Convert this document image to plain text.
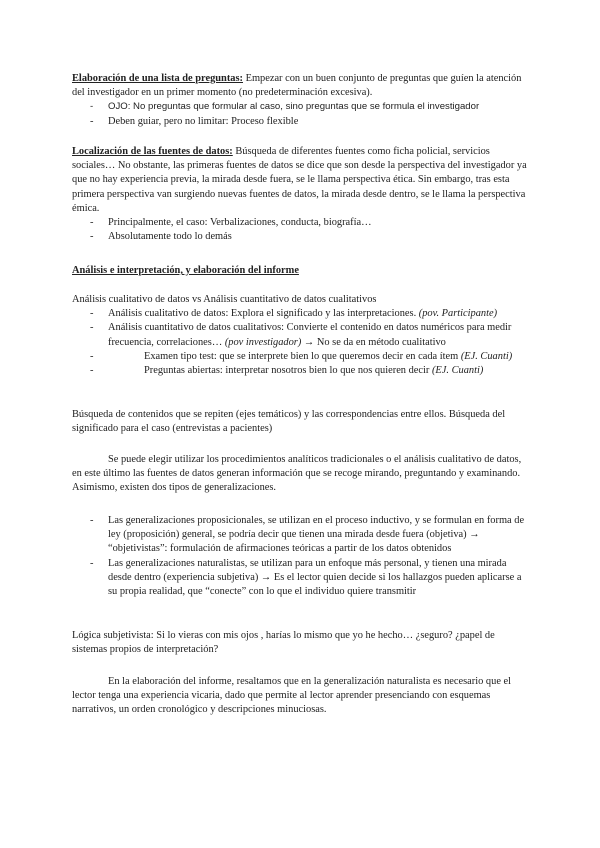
Elaboración de una lista de preguntas: Empezar con un buen conjunto de preguntas que guíen la atención del investigador en un primer momento (no predeterminación excesiva).

- OJO: No preguntas que formular al caso, sino preguntas que se formula el investigador
- Deben guiar, pero no limitar: Proceso flexible

Localización de las fuentes de datos: Búsqueda de diferentes fuentes como ficha policial, servicios sociales… No obstante, las primeras fuentes de datos se dice que son desde la perspectiva del investigador ya que no hay experiencia previa, la mirada desde fuera, se le llama perspectiva ética. Sin embargo, tras esta primera perspectiva van surgiendo nuevas fuentes de datos, la mirada desde dentro, se le llama la perspectiva émica.

- Principalmente, el caso: Verbalizaciones, conducta, biografía…
- Absolutamente todo lo demás

Análisis e interpretación, y elaboración del informe

Análisis cualitativo de datos vs Análisis cuantitativo de datos cualitativos

- Análisis cualitativo de datos: Explora el significado y las interpretaciones. (pov. Participante)
- Análisis cuantitativo de datos cualitativos: Convierte el contenido en datos numéricos para medir frecuencia, correlaciones… (pov investigador) → No se da en método cualitativo
- Examen tipo test: que se interprete bien lo que queremos decir en cada ítem (EJ. Cuanti)
- Preguntas abiertas: interpretar nosotros bien lo que nos quieren decir (EJ. Cuanti)

Búsqueda de contenidos que se repiten (ejes temáticos) y las correspondencias entre ellos. Búsqueda del significado para el caso (entrevistas a pacientes)

Se puede elegir utilizar los procedimientos analíticos tradicionales o el análisis cualitativo de datos, en este último las fuentes de datos generan información que se recoge mirando, preguntando y examinando. Asimismo, existen dos tipos de generalizaciones.

- Las generalizaciones proposicionales, se utilizan en el proceso inductivo, y se formulan en forma de ley (proposición) general, se podría decir que tienen una mirada desde fuera (objetiva) → “objetivistas”: formulación de afirmaciones teóricas a partir de los datos obtenidos
- Las generalizaciones naturalistas, se utilizan para un enfoque más personal, y tienen una mirada desde dentro (experiencia subjetiva) → Es el lector quien decide si los hallazgos pueden aplicarse a su propia realidad, que “conecte” con lo que el individuo quiere transmitir

Lógica subjetivista: Si lo vieras con mis ojos , harías lo mismo que yo he hecho… ¿seguro? ¿papel de sistemas propios de interpretación?

En la elaboración del informe, resaltamos que en la generalización naturalista es necesario que el lector tenga una experiencia vicaria, dado que permite al lector aprender presenciando con esquemas narrativos, un orden cronológico y descripciones minuciosas.
